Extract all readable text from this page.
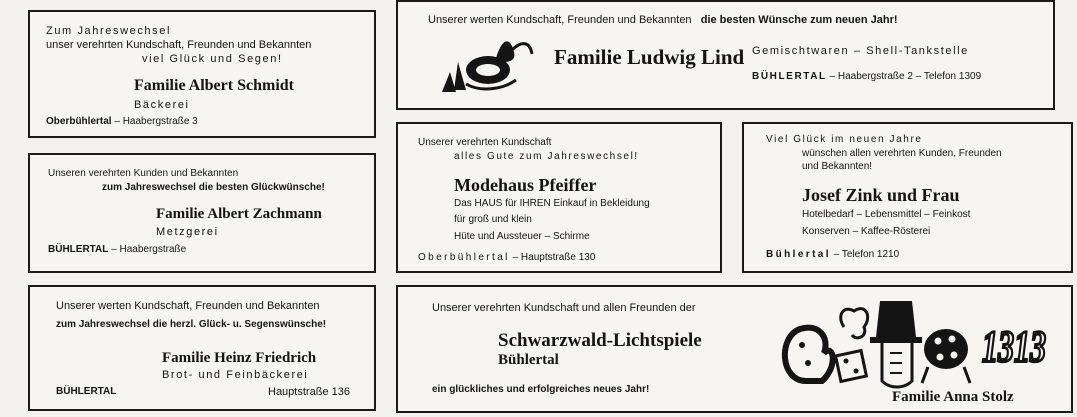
Zum Jahreswechsel
unser verehrten Kundschaft, Freunden und Bekannten
viel Glück und Segen!
Familie Albert Schmidt
Bäckerei
Oberbühlertal – Haabergstraße 3
Unserer werten Kundschaft, Freunden und Bekannten die besten Wünsche zum neuen Jahr!
Familie Ludwig Lind Gemischtwaren – Shell-Tankstelle
BÜHLERTAL – Haabergstraße 2 – Telefon 1309
Unseren verehrten Kunden und Bekannten
zum Jahreswechsel die besten Glückwünsche!
Familie Albert Zachmann
Metzgerei
BÜHLERTAL – Haabergstraße
Unserer verehrten Kundschaft
alles Gute zum Jahreswechsel!
Modehaus Pfeiffer
Das HAUS für IHREN Einkauf in Bekleidung
für groß und klein
Hüte und Aussteuer – Schirme
Oberbühlertal – Hauptstraße 130
Viel Glück im neuen Jahre
wünschen allen verehrten Kunden, Freunden
und Bekannten!
Josef Zink und Frau
Hotelbedarf – Lebensmittel – Feinkost
Konserven – Kaffee-Rösterei
Bühlertal – Telefon 1210
Unserer werten Kundschaft, Freunden und Bekannten
zum Jahreswechsel die herzl. Glück- u. Segenswünsche!
Familie Heinz Friedrich
Brot- und Feinbäckerei
BÜHLERTAL	Hauptstraße 136
Unserer verehrten Kundschaft und allen Freunden der
Schwarzwald-Lichtspiele
Bühlertal
ein glückliches und erfolgreiches neues Jahr!
1313
Familie Anna Stolz
